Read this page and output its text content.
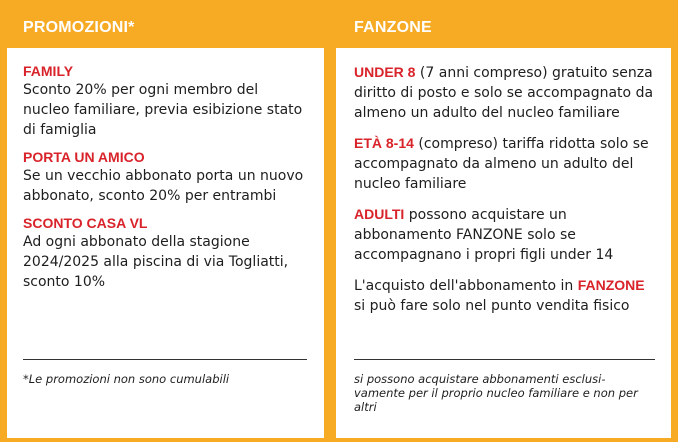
PROMOZIONI*
FAMILY
Sconto 20% per ogni membro del nucleo familiare, previa esibizione stato di famiglia
PORTA UN AMICO
Se un vecchio abbonato porta un nuovo abbonato, sconto 20% per entrambi
SCONTO CASA VL
Ad ogni abbonato della stagione 2024/2025 alla piscina di via Togliatti, sconto 10%
*Le promozioni non sono cumulabili
FANZONE
UNDER 8 (7 anni compreso) gratuito senza diritto di posto e solo se accompagnato da almeno un adulto del nucleo familiare
ETÀ 8-14 (compreso) tariffa ridotta solo se accompagnato da almeno un adulto del nucleo familiare
ADULTI possono acquistare un abbonamento FANZONE solo se accompagnano i propri figli under 14
L'acquisto dell'abbonamento in FANZONE si può fare solo nel punto vendita fisico
si possono acquistare abbonamenti esclusi-vamente per il proprio nucleo familiare e non per altri
